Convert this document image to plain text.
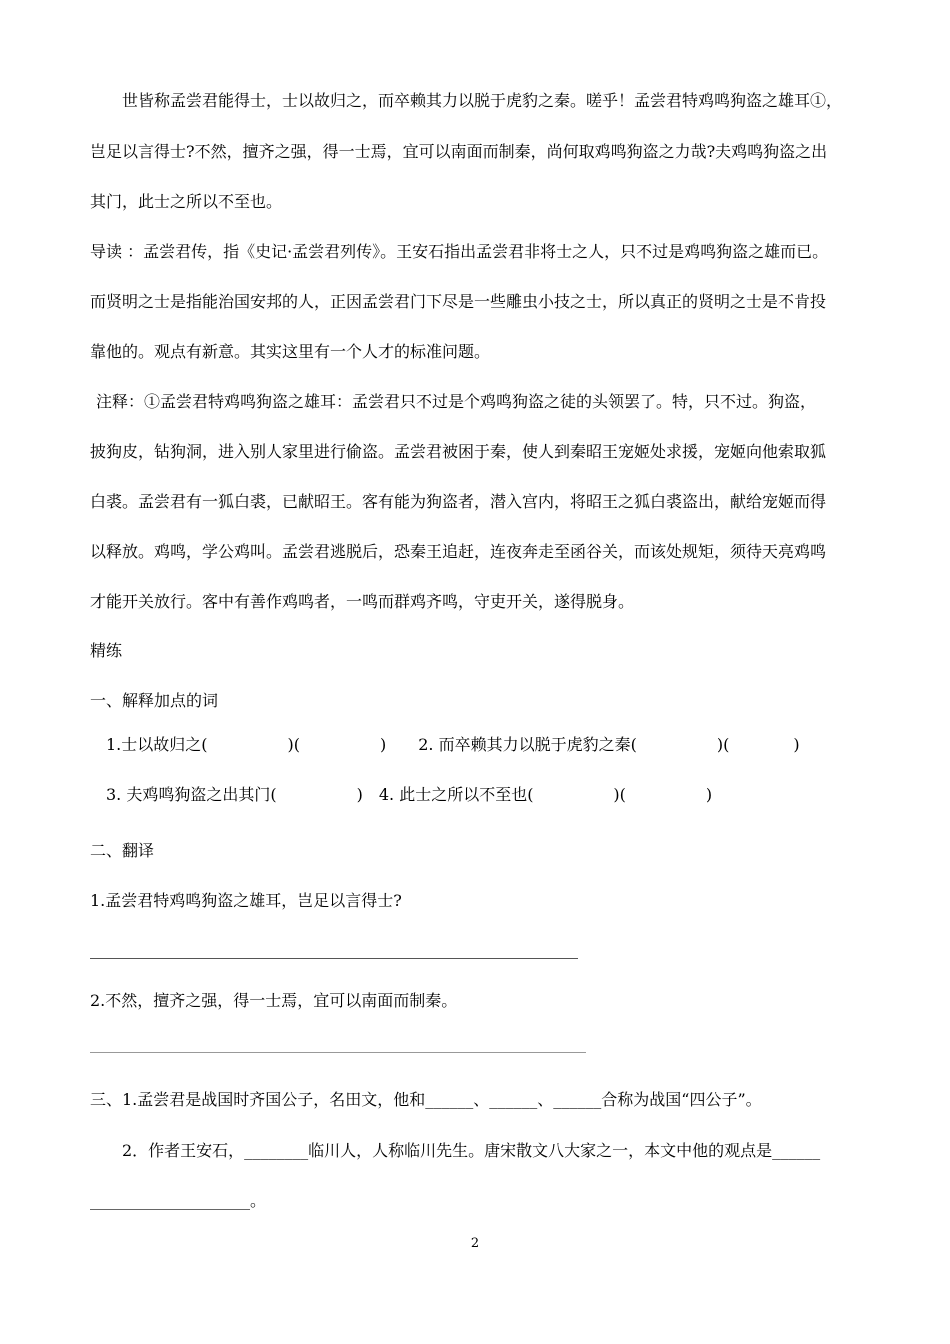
世皆称孟尝君能得士，士以故归之，而卒赖其力以脱于虎豹之秦。嗟乎！孟尝君特鸡鸣狗盗之雄耳①，
岂足以言得士?不然，擅齐之强，得一士焉，宜可以南面而制秦，尚何取鸡鸣狗盗之力哉?夫鸡鸣狗盗之出
其门，此士之所以不至也。
导读 ：孟尝君传，指《史记·孟尝君列传》。王安石指出孟尝君非将士之人，只不过是鸡鸣狗盗之雄而已。
而贤明之士是指能治国安邦的人，正因孟尝君门下尽是一些雕虫小技之士，所以真正的贤明之士是不肯投
靠他的。观点有新意。其实这里有一个人才的标准问题。
注释：①孟尝君特鸡鸣狗盗之雄耳：孟尝君只不过是个鸡鸣狗盗之徒的头领罢了。特，只不过。狗盗，
披狗皮，钻狗洞，进入别人家里进行偷盗。孟尝君被困于秦，使人到秦昭王宠姬处求援，宠姬向他索取狐
白裘。孟尝君有一狐白裘，已献昭王。客有能为狗盗者，潜入宫内，将昭王之狐白裘盗出，献给宠姬而得
以释放。鸡鸣，学公鸡叫。孟尝君逃脱后，恐秦王追赶，连夜奔走至函谷关，而该处规矩，须待天亮鸡鸣
才能开关放行。客中有善作鸡鸣者，一鸣而群鸡齐鸣，守吏开关，遂得脱身。
精练
一、解释加点的词
1.士以故归之(　　　　　)(　　　　　)　　2. 而卒赖其力以脱于虎豹之秦(　　　　　)(　　　　)
3. 夫鸡鸣狗盗之出其门(　　　　　)　4. 此士之所以不至也(　　　　　)(　　　　　)
二、翻译
1.孟尝君特鸡鸣狗盗之雄耳，岂足以言得士?
2.不然，擅齐之强，得一士焉，宜可以南面而制秦。
三、1.孟尝君是战国时齐国公子，名田文，他和______、______、______合称为战国“四公子”。
2．作者王安石，________临川人，人称临川先生。唐宋散文八大家之一，本文中他的观点是______
____________________。
2
